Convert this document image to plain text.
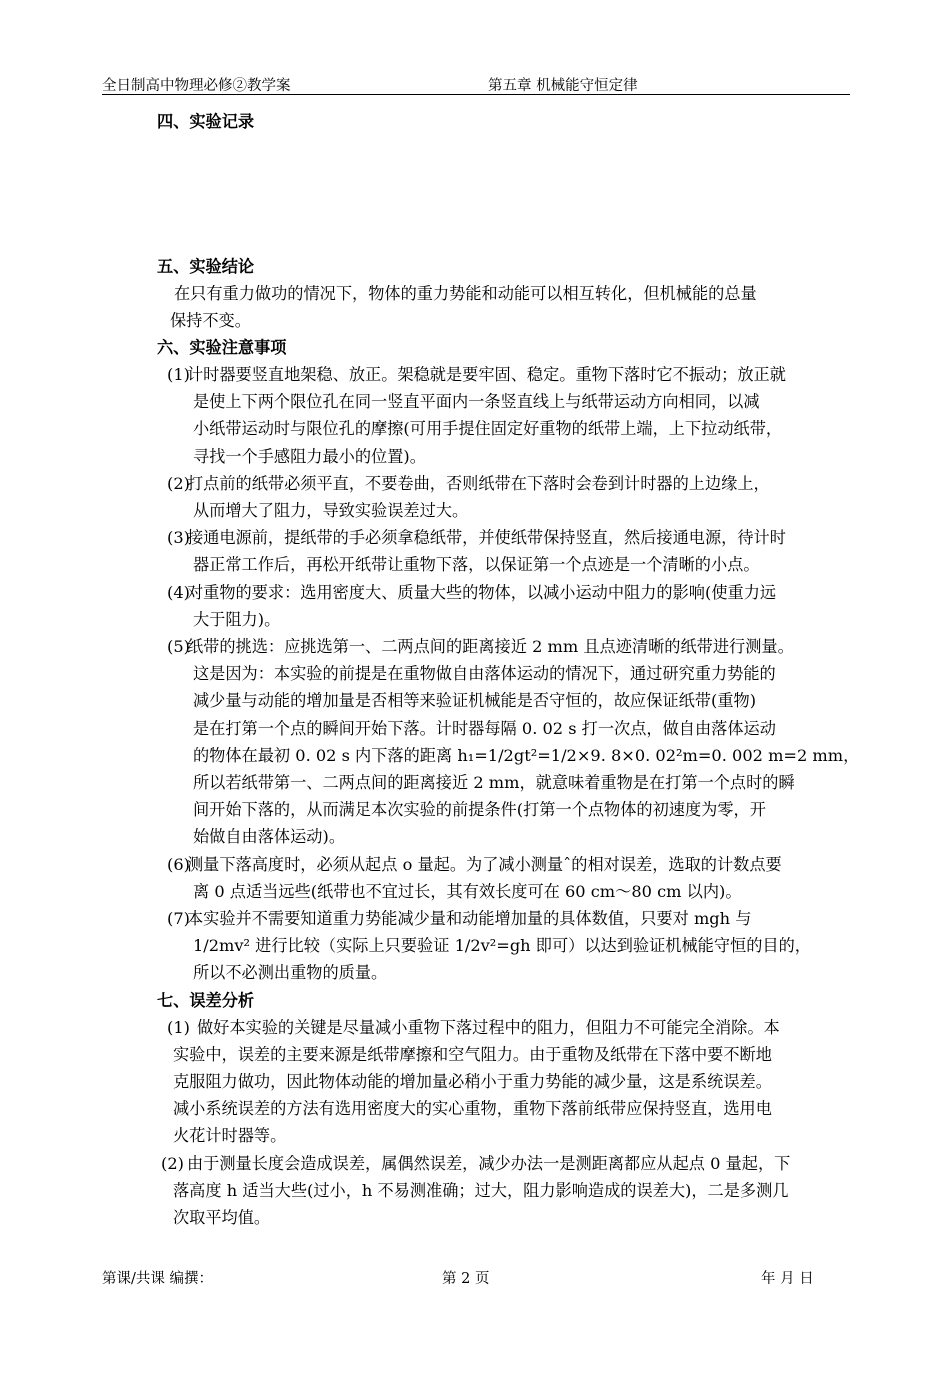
全日制高中物理必修②教学案	第五章 机械能守恒定律
四、实验记录
五、实验结论
在只有重力做功的情况下，物体的重力势能和动能可以相互转化，但机械能的总量
保持不变。
六、实验注意事项
(1)
计时器要竖直地架稳、放正。架稳就是要牢固、稳定。重物下落时它不振动；放正就
是使上下两个限位孔在同一竖直平面内一条竖直线上与纸带运动方向相同，以减
小纸带运动时与限位孔的摩擦(可用手提住固定好重物的纸带上端，上下拉动纸带，
寻找一个手感阻力最小的位置)。
(2)
打点前的纸带必须平直，不要卷曲，否则纸带在下落时会卷到计时器的上边缘上，
从而增大了阻力，导致实验误差过大。
(3)
接通电源前，提纸带的手必须拿稳纸带，并使纸带保持竖直，然后接通电源，待计时
器正常工作后，再松开纸带让重物下落，以保证第一个点迹是一个清晰的小点。
(4)
对重物的要求：选用密度大、质量大些的物体，以减小运动中阻力的影响(使重力远
大于阻力)。
(5)
纸带的挑选：应挑选第一、二两点间的距离接近 2 mm 且点迹清晰的纸带进行测量。
这是因为：本实验的前提是在重物做自由落体运动的情况下，通过研究重力势能的
减少量与动能的增加量是否相等来验证机械能是否守恒的，故应保证纸带(重物)
是在打第一个点的瞬间开始下落。计时器每隔 0. 02 s 打一次点，做自由落体运动
的物体在最初 0. 02 s 内下落的距离 h₁=1/2gt²=1/2×9. 8×0. 02²m=0. 002 m=2 mm，
所以若纸带第一、二两点间的距离接近 2 mm，就意味着重物是在打第一个点时的瞬
间开始下落的，从而满足本次实验的前提条件(打第一个点物体的初速度为零，开
始做自由落体运动)。
(6)
测量下落高度时，必须从起点 o 量起。为了减小测量ˆ的相对误差，选取的计数点要
离 0 点适当远些(纸带也不宜过长，其有效长度可在 60 cm～80 cm 以内)。
(7)
本实验并不需要知道重力势能减少量和动能增加量的具体数值，只要对 mgh 与
1/2mv² 进行比较（实际上只要验证 1/2v²=gh 即可）以达到验证机械能守恒的目的，
所以不必测出重物的质量。
七、误差分析
(1) 做好本实验的关键是尽量减小重物下落过程中的阻力，但阻力不可能完全消除。本
实验中，误差的主要来源是纸带摩擦和空气阻力。由于重物及纸带在下落中要不断地
克服阻力做功，因此物体动能的增加量必稍小于重力势能的减少量，这是系统误差。
减小系统误差的方法有选用密度大的实心重物，重物下落前纸带应保持竖直，选用电
火花计时器等。
(2) 由于测量长度会造成误差，属偶然误差，减少办法一是测距离都应从起点 0 量起，下
落高度 h 适当大些(过小，h 不易测准确；过大，阻力影响造成的误差大)，二是多测几
次取平均值。
第课/共课 编撰：	第 2 页	年 月 日
